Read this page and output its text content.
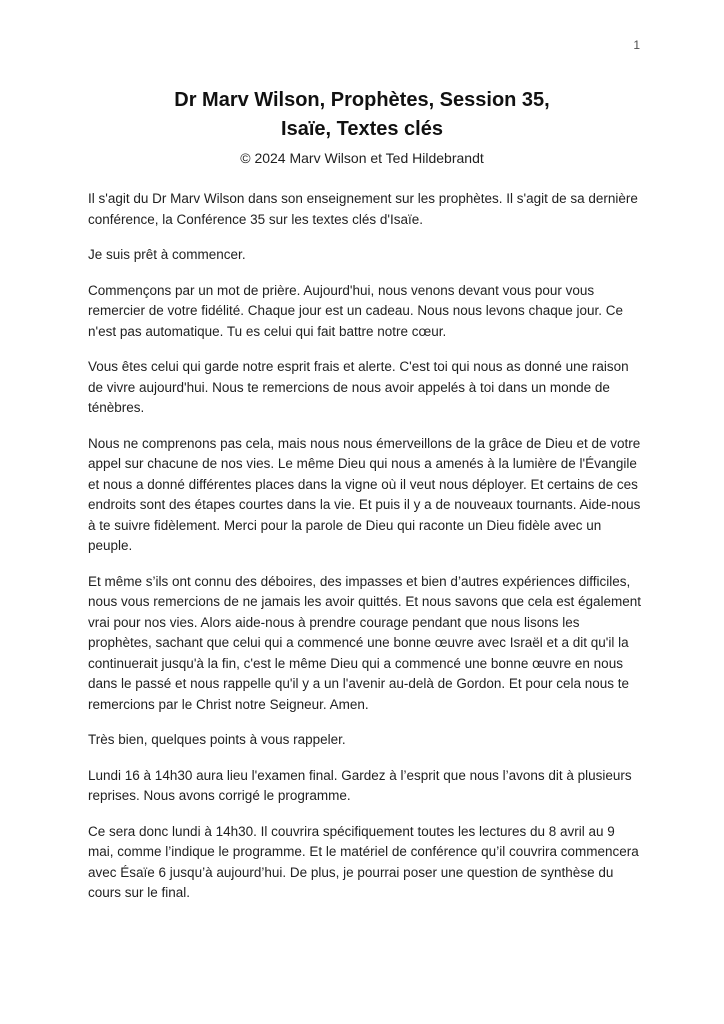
1
Dr Marv Wilson, Prophètes, Session 35,
Isaïe, Textes clés
© 2024 Marv Wilson et Ted Hildebrandt

Il s'agit du Dr Marv Wilson dans son enseignement sur les prophètes. Il s'agit de sa dernière conférence, la Conférence 35 sur les textes clés d'Isaïe.

Je suis prêt à commencer.

Commençons par un mot de prière. Aujourd'hui, nous venons devant vous pour vous remercier de votre fidélité. Chaque jour est un cadeau. Nous nous levons chaque jour. Ce n'est pas automatique. Tu es celui qui fait battre notre cœur.

Vous êtes celui qui garde notre esprit frais et alerte. C'est toi qui nous as donné une raison de vivre aujourd'hui. Nous te remercions de nous avoir appelés à toi dans un monde de ténèbres.

Nous ne comprenons pas cela, mais nous nous émerveillons de la grâce de Dieu et de votre appel sur chacune de nos vies. Le même Dieu qui nous a amenés à la lumière de l'Évangile et nous a donné différentes places dans la vigne où il veut nous déployer. Et certains de ces endroits sont des étapes courtes dans la vie. Et puis il y a de nouveaux tournants. Aide-nous à te suivre fidèlement. Merci pour la parole de Dieu qui raconte un Dieu fidèle avec un peuple.

Et même s’ils ont connu des déboires, des impasses et bien d’autres expériences difficiles, nous vous remercions de ne jamais les avoir quittés. Et nous savons que cela est également vrai pour nos vies. Alors aide-nous à prendre courage pendant que nous lisons les prophètes, sachant que celui qui a commencé une bonne œuvre avec Israël et a dit qu'il la continuerait jusqu'à la fin, c'est le même Dieu qui a commencé une bonne œuvre en nous dans le passé et nous rappelle qu'il y a un l'avenir au-delà de Gordon. Et pour cela nous te remercions par le Christ notre Seigneur. Amen.

Très bien, quelques points à vous rappeler.

Lundi 16 à 14h30 aura lieu l'examen final. Gardez à l’esprit que nous l’avons dit à plusieurs reprises. Nous avons corrigé le programme.

Ce sera donc lundi à 14h30. Il couvrira spécifiquement toutes les lectures du 8 avril au 9 mai, comme l’indique le programme. Et le matériel de conférence qu’il couvrira commencera avec Ésaïe 6 jusqu’à aujourd’hui. De plus, je pourrai poser une question de synthèse du cours sur le final.
